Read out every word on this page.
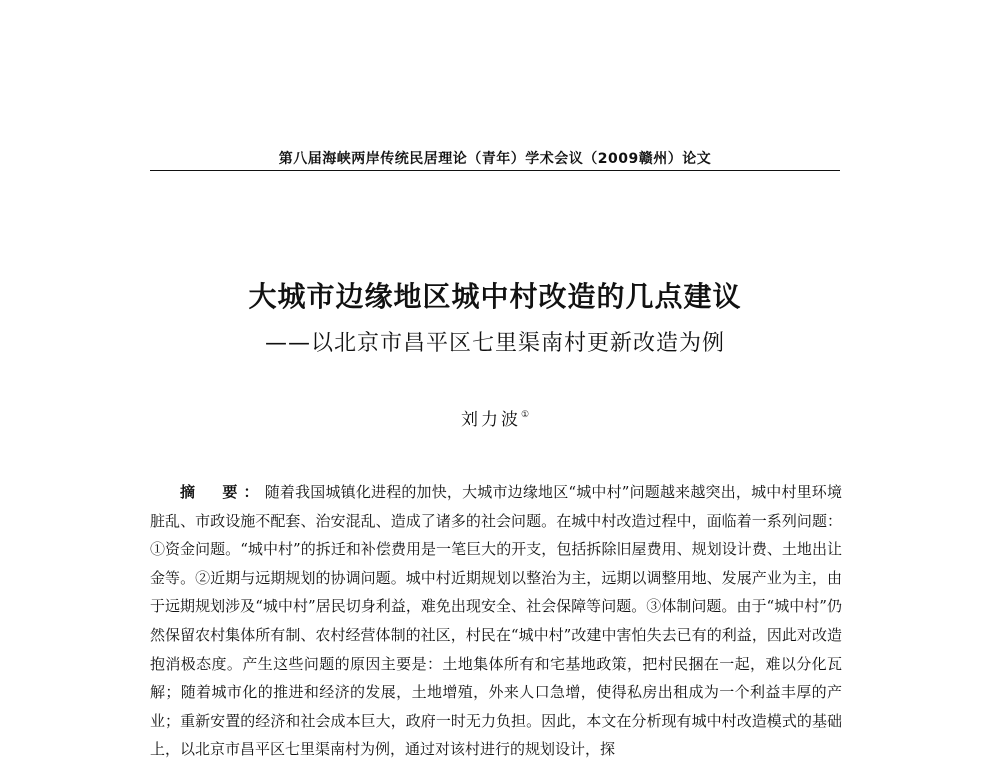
第八届海峡两岸传统民居理论（青年）学术会议（2009赣州）论文
大城市边缘地区城中村改造的几点建议
——以北京市昌平区七里渠南村更新改造为例
刘力波①

摘　要：随着我国城镇化进程的加快，大城市边缘地区“城中村”问题越来越突出，城中村里环境脏乱、市政设施不配套、治安混乱、造成了诸多的社会问题。在城中村改造过程中，面临着一系列问题：①资金问题。“城中村”的拆迁和补偿费用是一笔巨大的开支，包括拆除旧屋费用、规划设计费、土地出让金等。②近期与远期规划的协调问题。城中村近期规划以整治为主，远期以调整用地、发展产业为主，由于远期规划涉及“城中村”居民切身利益，难免出现安全、社会保障等问题。③体制问题。由于“城中村”仍然保留农村集体所有制、农村经营体制的社区，村民在“城中村”改建中害怕失去已有的利益，因此对改造抱消极态度。产生这些问题的原因主要是：土地集体所有和宅基地政策，把村民捆在一起，难以分化瓦解；随着城市化的推进和经济的发展，土地增殖，外来人口急增，使得私房出租成为一个利益丰厚的产业；重新安置的经济和社会成本巨大，政府一时无力负担。因此，本文在分析现有城中村改造模式的基础上，以北京市昌平区七里渠南村为例，通过对该村进行的规划设计，探
